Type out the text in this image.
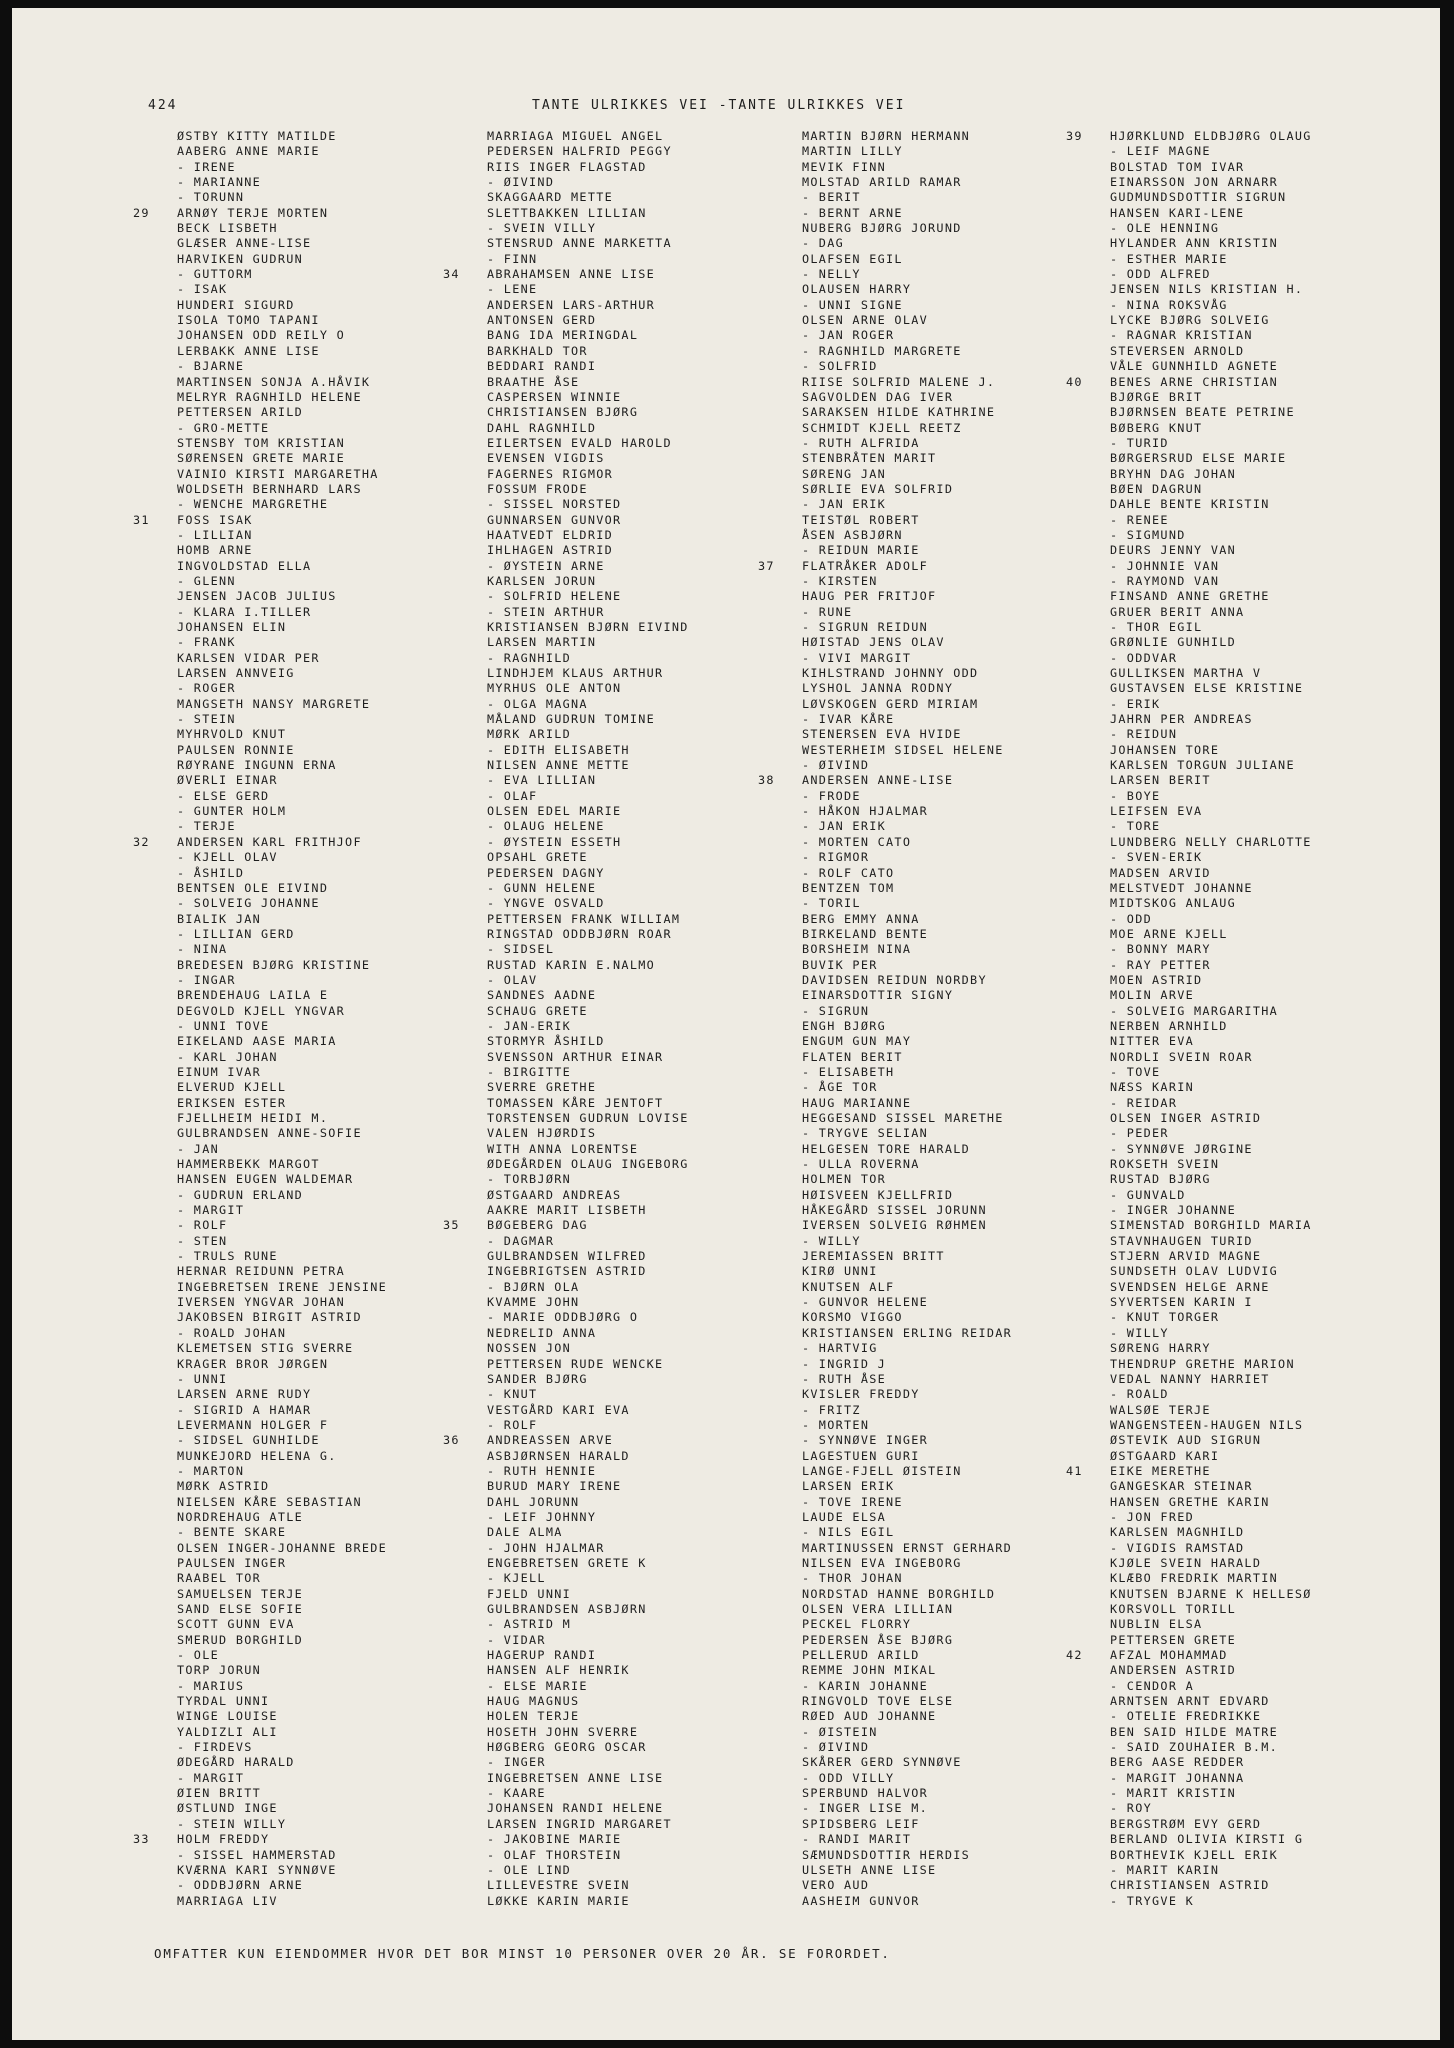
424	TANTE ULRIKKES VEI -TANTE ULRIKKES VEI
ØSTBY KITTY MATILDE
AABERG ANNE MARIE
- IRENE
- MARIANNE
- TORUNN
29 ARNØY TERJE MORTEN
BECK LISBETH
GLÆSER ANNE-LISE
HARVIKEN GUDRUN
- GUTTORM
- ISAK
HUNDERI SIGURD
ISOLA TOMO TAPANI
JOHANSEN ODD REILY O
LERBAKK ANNE LISE
- BJARNE
MARTINSEN SONJA A.HÅVIK
MELRYR RAGNHILD HELENE
PETTERSEN ARILD
- GRO-METTE
STENSBY TOM KRISTIAN
SØRENSEN GRETE MARIE
VAINIO KIRSTI MARGARETHA
WOLDSETH BERNHARD LARS
- WENCHE MARGRETHE
31 FOSS ISAK
- LILLIAN
HOMB ARNE
INGVOLDSTAD ELLA
- GLENN
JENSEN JACOB JULIUS
- KLARA I.TILLER
JOHANSEN ELIN
- FRANK
KARLSEN VIDAR PER
LARSEN ANNVEIG
- ROGER
MANGSETH NANSY MARGRETE
- STEIN
MYHRVOLD KNUT
PAULSEN RONNIE
RØYRANE INGUNN ERNA
ØVERLI EINAR
- ELSE GERD
- GUNTER HOLM
- TERJE
32 ANDERSEN KARL FRITHJOF
- KJELL OLAV
- ÅSHILD
BENTSEN OLE EIVIND
- SOLVEIG JOHANNE
BIALIK JAN
- LILLIAN GERD
- NINA
BREDESEN BJØRG KRISTINE
- INGAR
BRENDEHAUG LAILA E
DEGVOLD KJELL YNGVAR
- UNNI TOVE
EIKELAND AASE MARIA
- KARL JOHAN
EINUM IVAR
ELVERUD KJELL
ERIKSEN ESTER
FJELLHEIM HEIDI M.
GULBRANDSEN ANNE-SOFIE
- JAN
HAMMERBEKK MARGOT
HANSEN EUGEN WALDEMAR
- GUDRUN ERLAND
- MARGIT
- ROLF
- STEN
- TRULS RUNE
HERNAR REIDUNN PETRA
INGEBRETSEN IRENE JENSINE
IVERSEN YNGVAR JOHAN
JAKOBSEN BIRGIT ASTRID
- ROALD JOHAN
KLEMETSEN STIG SVERRE
KRAGER BROR JØRGEN
- UNNI
LARSEN ARNE RUDY
- SIGRID A HAMAR
LEVERMANN HOLGER F
- SIDSEL GUNHILDE
MUNKEJORD HELENA G.
- MARTON
MØRK ASTRID
NIELSEN KÅRE SEBASTIAN
NORDREHAUG ATLE
- BENTE SKARE
OLSEN INGER-JOHANNE BREDE
PAULSEN INGER
RAABEL TOR
SAMUELSEN TERJE
SAND ELSE SOFIE
SCOTT GUNN EVA
SMERUD BORGHILD
- OLE
TORP JORUN
- MARIUS
TYRDAL UNNI
WINGE LOUISE
YALDIZLI ALI
- FIRDEVS
ØDEGÅRD HARALD
- MARGIT
ØIEN BRITT
ØSTLUND INGE
- STEIN WILLY
33 HOLM FREDDY
- SISSEL HAMMERSTAD
KVÆRNA KARI SYNNØVE
- ODDBJØRN ARNE
MARRIAGA LIV
MARRIAGA MIGUEL ANGEL
PEDERSEN HALFRID PEGGY
RIIS INGER FLAGSTAD
- ØIVIND
SKAGGAARD METTE
SLETTBAKKEN LILLIAN
- SVEIN VILLY
STENSRUD ANNE MARKETTA
- FINN
34 ABRAHAMSEN ANNE LISE
- LENE
ANDERSEN LARS-ARTHUR
ANTONSEN GERD
BANG IDA MERINGDAL
BARKHALD TOR
BEDDARI RANDI
BRAATHE ÅSE
CASPERSEN WINNIE
CHRISTIANSEN BJØRG
DAHL RAGNHILD
EILERTSEN EVALD HAROLD
EVENSEN VIGDIS
FAGERNES RIGMOR
FOSSUM FRODE
- SISSEL NORSTED
GUNNARSEN GUNVOR
HAATVEDT ELDRID
IHLHAGEN ASTRID
- ØYSTEIN ARNE
KARLSEN JORUN
- SOLFRID HELENE
- STEIN ARTHUR
KRISTIANSEN BJØRN EIVIND
LARSEN MARTIN
- RAGNHILD
LINDHJEM KLAUS ARTHUR
MYRHUS OLE ANTON
- OLGA MAGNA
MÅLAND GUDRUN TOMINE
MØRK ARILD
- EDITH ELISABETH
NILSEN ANNE METTE
- EVA LILLIAN
- OLAF
OLSEN EDEL MARIE
- OLAUG HELENE
- ØYSTEIN ESSETH
OPSAHL GRETE
PEDERSEN DAGNY
- GUNN HELENE
- YNGVE OSVALD
PETTERSEN FRANK WILLIAM
RINGSTAD ODDBJØRN ROAR
- SIDSEL
RUSTAD KARIN E.NALMO
- OLAV
SANDNES AADNE
SCHAUG GRETE
- JAN-ERIK
STORMYR ÅSHILD
SVENSSON ARTHUR EINAR
- BIRGITTE
SVERRE GRETHE
TOMASSEN KÅRE JENTOFT
TORSTENSEN GUDRUN LOVISE
VALEN HJØRDIS
WITH ANNA LORENTSE
ØDEGÅRDEN OLAUG INGEBORG
- TORBJØRN
ØSTGAARD ANDREAS
AAKRE MARIT LISBETH
35 BØGEBERG DAG
- DAGMAR
GULBRANDSEN WILFRED
INGEBRIGTSEN ASTRID
- BJØRN OLA
KVAMME JOHN
- MARIE ODDBJØRG O
NEDRELID ANNA
NOSSEN JON
PETTERSEN RUDE WENCKE
SANDER BJØRG
- KNUT
VESTGÅRD KARI EVA
- ROLF
36 ANDREASSEN ARVE
ASBJØRNSEN HARALD
- RUTH HENNIE
BURUD MARY IRENE
DAHL JORUNN
- LEIF JOHNNY
DALE ALMA
- JOHN HJALMAR
ENGEBRETSEN GRETE K
- KJELL
FJELD UNNI
GULBRANDSEN ASBJØRN
- ASTRID M
- VIDAR
HAGERUP RANDI
HANSEN ALF HENRIK
- ELSE MARIE
HAUG MAGNUS
HOLEN TERJE
HOSETH JOHN SVERRE
HØGBERG GEORG OSCAR
- INGER
INGEBRETSEN ANNE LISE
- KAARE
JOHANSEN RANDI HELENE
LARSEN INGRID MARGARET
- JAKOBINE MARIE
- OLAF THORSTEIN
- OLE LIND
LILLEVESTRE SVEIN
LØKKE KARIN MARIE
MARTIN BJØRN HERMANN
MARTIN LILLY
MEVIK FINN
MOLSTAD ARILD RAMAR
- BERIT
- BERNT ARNE
NUBERG BJØRG JORUND
- DAG
OLAFSEN EGIL
- NELLY
OLAUSEN HARRY
- UNNI SIGNE
OLSEN ARNE OLAV
- JAN ROGER
- RAGNHILD MARGRETE
- SOLFRID
RIISE SOLFRID MALENE J.
SAGVOLDEN DAG IVER
SARAKSEN HILDE KATHRINE
SCHMIDT KJELL REETZ
- RUTH ALFRIDA
STENBRÅTEN MARIT
SØRENG JAN
SØRLIE EVA SOLFRID
- JAN ERIK
TEISTØL ROBERT
ÅSEN ASBJØRN
- REIDUN MARIE
37 FLATRÅKER ADOLF
- KIRSTEN
HAUG PER FRITJOF
- RUNE
- SIGRUN REIDUN
HØISTAD JENS OLAV
- VIVI MARGIT
KIHLSTRAND JOHNNY ODD
LYSHOL JANNA RODNY
LØVSKOGEN GERD MIRIAM
- IVAR KÅRE
STENERSEN EVA HVIDE
WESTERHEIM SIDSEL HELENE
- ØIVIND
38 ANDERSEN ANNE-LISE
- FRODE
- HÅKON HJALMAR
- JAN ERIK
- MORTEN CATO
- RIGMOR
- ROLF CATO
BENTZEN TOM
- TORIL
BERG EMMY ANNA
BIRKELAND BENTE
BORSHEIM NINA
BUVIK PER
DAVIDSEN REIDUN NORDBY
EINARSDOTTIR SIGNY
- SIGRUN
ENGH BJØRG
ENGUM GUN MAY
FLATEN BERIT
- ELISABETH
- ÅGE TOR
HAUG MARIANNE
HEGGESAND SISSEL MARETHE
- TRYGVE SELIAN
HELGESEN TORE HARALD
- ULLA ROVERNA
HOLMEN TOR
HØISVEEN KJELLFRID
HÅKEGÅRD SISSEL JORUNN
IVERSEN SOLVEIG RØHMEN
- WILLY
JEREMIASSEN BRITT
KIRØ UNNI
KNUTSEN ALF
- GUNVOR HELENE
KORSMO VIGGO
KRISTIANSEN ERLING REIDAR
- HARTVIG
- INGRID J
- RUTH ÅSE
KVISLER FREDDY
- FRITZ
- MORTEN
- SYNNØVE INGER
LAGESTUEN GURI
LANGE-FJELL ØISTEIN
LARSEN ERIK
- TOVE IRENE
LAUDE ELSA
- NILS EGIL
MARTINUSSEN ERNST GERHARD
NILSEN EVA INGEBORG
- THOR JOHAN
NORDSTAD HANNE BORGHILD
OLSEN VERA LILLIAN
PECKEL FLORRY
PEDERSEN ÅSE BJØRG
PELLERUD ARILD
REMME JOHN MIKAL
- KARIN JOHANNE
RINGVOLD TOVE ELSE
RØED AUD JOHANNE
- ØISTEIN
- ØIVIND
SKÅRER GERD SYNNØVE
- ODD VILLY
SPERBUND HALVOR
- INGER LISE M.
SPIDSBERG LEIF
- RANDI MARIT
SÆMUNDSDOTTIR HERDIS
ULSETH ANNE LISE
VERO AUD
AASHEIM GUNVOR
39 HJØRKLUND ELDBJØRG OLAUG
- LEIF MAGNE
BOLSTAD TOM IVAR
EINARSSON JON ARNARR
GUDMUNDSDOTTIR SIGRUN
HANSEN KARI-LENE
- OLE HENNING
HYLANDER ANN KRISTIN
- ESTHER MARIE
- ODD ALFRED
JENSEN NILS KRISTIAN H.
- NINA ROKSVÅG
LYCKE BJØRG SOLVEIG
- RAGNAR KRISTIAN
STEVERSEN ARNOLD
VÅLE GUNNHILD AGNETE
40 BENES ARNE CHRISTIAN
BJØRGE BRIT
BJØRNSEN BEATE PETRINE
BØBERG KNUT
- TURID
BØRGERSRUD ELSE MARIE
BRYHN DAG JOHAN
BØEN DAGRUN
DAHLE BENTE KRISTIN
- RENEE
- SIGMUND
DEURS JENNY VAN
- JOHNNIE VAN
- RAYMOND VAN
FINSAND ANNE GRETHE
GRUER BERIT ANNA
- THOR EGIL
GRØNLIE GUNHILD
- ODDVAR
GULLIKSEN MARTHA V
GUSTAVSEN ELSE KRISTINE
- ERIK
JAHRN PER ANDREAS
- REIDUN
JOHANSEN TORE
KARLSEN TORGUN JULIANE
LARSEN BERIT
- BOYE
LEIFSEN EVA
- TORE
LUNDBERG NELLY CHARLOTTE
- SVEN-ERIK
MADSEN ARVID
MELSTVEDT JOHANNE
MIDTSKOG ANLAUG
- ODD
MOE ARNE KJELL
- BONNY MARY
- RAY PETTER
MOEN ASTRID
MOLIN ARVE
- SOLVEIG MARGARITHA
NERBEN ARNHILD
NITTER EVA
NORDLI SVEIN ROAR
- TOVE
NÆSS KARIN
- REIDAR
OLSEN INGER ASTRID
- PEDER
- SYNNØVE JØRGINE
ROKSETH SVEIN
RUSTAD BJØRG
- GUNVALD
- INGER JOHANNE
SIMENSTAD BORGHILD MARIA
STAVNHAUGEN TURID
STJERN ARVID MAGNE
SUNDSETH OLAV LUDVIG
SVENDSEN HELGE ARNE
SYVERTSEN KARIN I
- KNUT TORGER
- WILLY
SØRENG HARRY
THENDRUP GRETHE MARION
VEDAL NANNY HARRIET
- ROALD
WALSØE TERJE
WANGENSTEEN-HAUGEN NILS
ØSTEVIK AUD SIGRUN
ØSTGAARD KARI
41 EIKE MERETHE
GANGESKAR STEINAR
HANSEN GRETHE KARIN
- JON FRED
KARLSEN MAGNHILD
- VIGDIS RAMSTAD
KJØLE SVEIN HARALD
KLÆBO FREDRIK MARTIN
KNUTSEN BJARNE K HELLESØ
KORSVOLL TORILL
NUBLIN ELSA
PETTERSEN GRETE
42 AFZAL MOHAMMAD
ANDERSEN ASTRID
- CENDOR A
ARNTSEN ARNT EDVARD
- OTELIE FREDRIKKE
BEN SAID HILDE MATRE
- SAID ZOUHAIER B.M.
BERG AASE REDDER
- MARGIT JOHANNA
- MARIT KRISTIN
- ROY
BERGSTRØM EVY GERD
BERLAND OLIVIA KIRSTI G
BORTHEVIK KJELL ERIK
- MARIT KARIN
CHRISTIANSEN ASTRID
- TRYGVE K
OMFATTER KUN EIENDOMMER HVOR DET BOR MINST 10 PERSONER OVER 20 ÅR. SE FORORDET.
